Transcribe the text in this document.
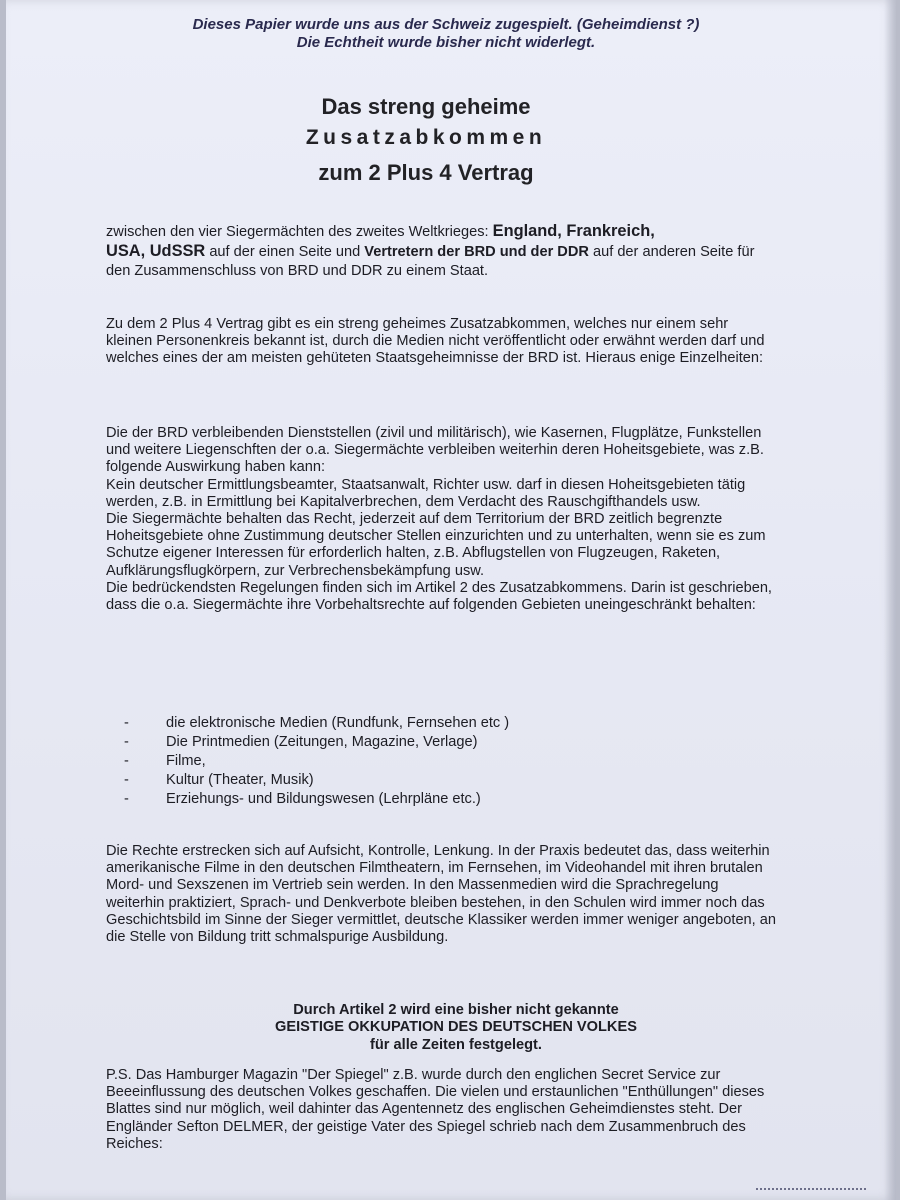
Dieses Papier wurde uns aus der Schweiz zugespielt. (Geheimdienst ?)
Die Echtheit wurde bisher nicht widerlegt.
Das streng geheime
Zusatzabkommen
zum 2 Plus 4 Vertrag
zwischen den vier Siegermächten des zweites Weltkrieges: England, Frankreich,
USA, UdSSR auf der einen Seite und Vertretern der BRD und der DDR auf der anderen Seite für den Zusammenschluss von BRD und DDR zu einem Staat.
Zu dem 2 Plus 4 Vertrag gibt es ein streng geheimes Zusatzabkommen, welches nur einem sehr kleinen Personenkreis bekannt ist, durch die Medien nicht veröffentlicht oder erwähnt werden darf und welches eines der am meisten gehüteten Staatsgeheimnisse der BRD ist. Hieraus enige Einzelheiten:
Die der BRD verbleibenden Dienststellen (zivil und militärisch), wie Kasernen, Flugplätze, Funkstellen und weitere Liegenschften der o.a. Siegermächte verbleiben weiterhin deren Hoheitsgebiete, was z.B. folgende Auswirkung haben kann:
Kein deutscher Ermittlungsbeamter, Staatsanwalt, Richter usw. darf in diesen Hoheitsgebieten tätig werden, z.B. in Ermittlung bei Kapitalverbrechen, dem Verdacht des Rauschgifthandels usw.
Die Siegermächte behalten das Recht, jederzeit auf dem Territorium der BRD zeitlich begrenzte Hoheitsgebiete ohne Zustimmung deutscher Stellen einzurichten und zu unterhalten, wenn sie es zum Schutze eigener Interessen für erforderlich halten, z.B. Abflugstellen von Flugzeugen, Raketen, Aufklärungsflugkörpern, zur Verbrechensbekämpfung usw.
Die bedrückendsten Regelungen finden sich im Artikel 2 des Zusatzabkommens. Darin ist geschrieben, dass die o.a. Siegermächte ihre Vorbehaltsrechte auf folgenden Gebieten uneingeschränkt behalten:
-	die elektronische Medien (Rundfunk, Fernsehen etc )
-	Die Printmedien (Zeitungen, Magazine, Verlage)
-	Filme,
-	Kultur (Theater, Musik)
-	Erziehungs- und Bildungswesen (Lehrpläne etc.)
Die Rechte erstrecken sich auf Aufsicht, Kontrolle, Lenkung. In der Praxis bedeutet das, dass weiterhin amerikanische Filme in den deutschen Filmtheatern, im Fernsehen, im Videohandel mit ihren brutalen Mord- und Sexszenen im Vertrieb sein werden. In den Massenmedien wird die Sprachregelung weiterhin praktiziert, Sprach- und Denkverbote bleiben bestehen, in den Schulen wird immer noch das Geschichtsbild im Sinne der Sieger vermittlet, deutsche Klassiker werden immer weniger angeboten, an die Stelle von Bildung tritt schmalspurige Ausbildung.
Durch Artikel 2 wird eine bisher nicht gekannte
GEISTIGE OKKUPATION DES DEUTSCHEN VOLKES
für alle Zeiten festgelegt.
P.S. Das Hamburger Magazin "Der Spiegel" z.B. wurde durch den englichen Secret Service zur Beeeinflussung des deutschen Volkes geschaffen. Die vielen und erstaunlichen "Enthüllungen" dieses Blattes sind nur möglich, weil dahinter das Agentennetz des englischen Geheimdienstes steht. Der Engländer Sefton DELMER, der geistige Vater des Spiegel schrieb nach dem Zusammenbruch des Reiches:
